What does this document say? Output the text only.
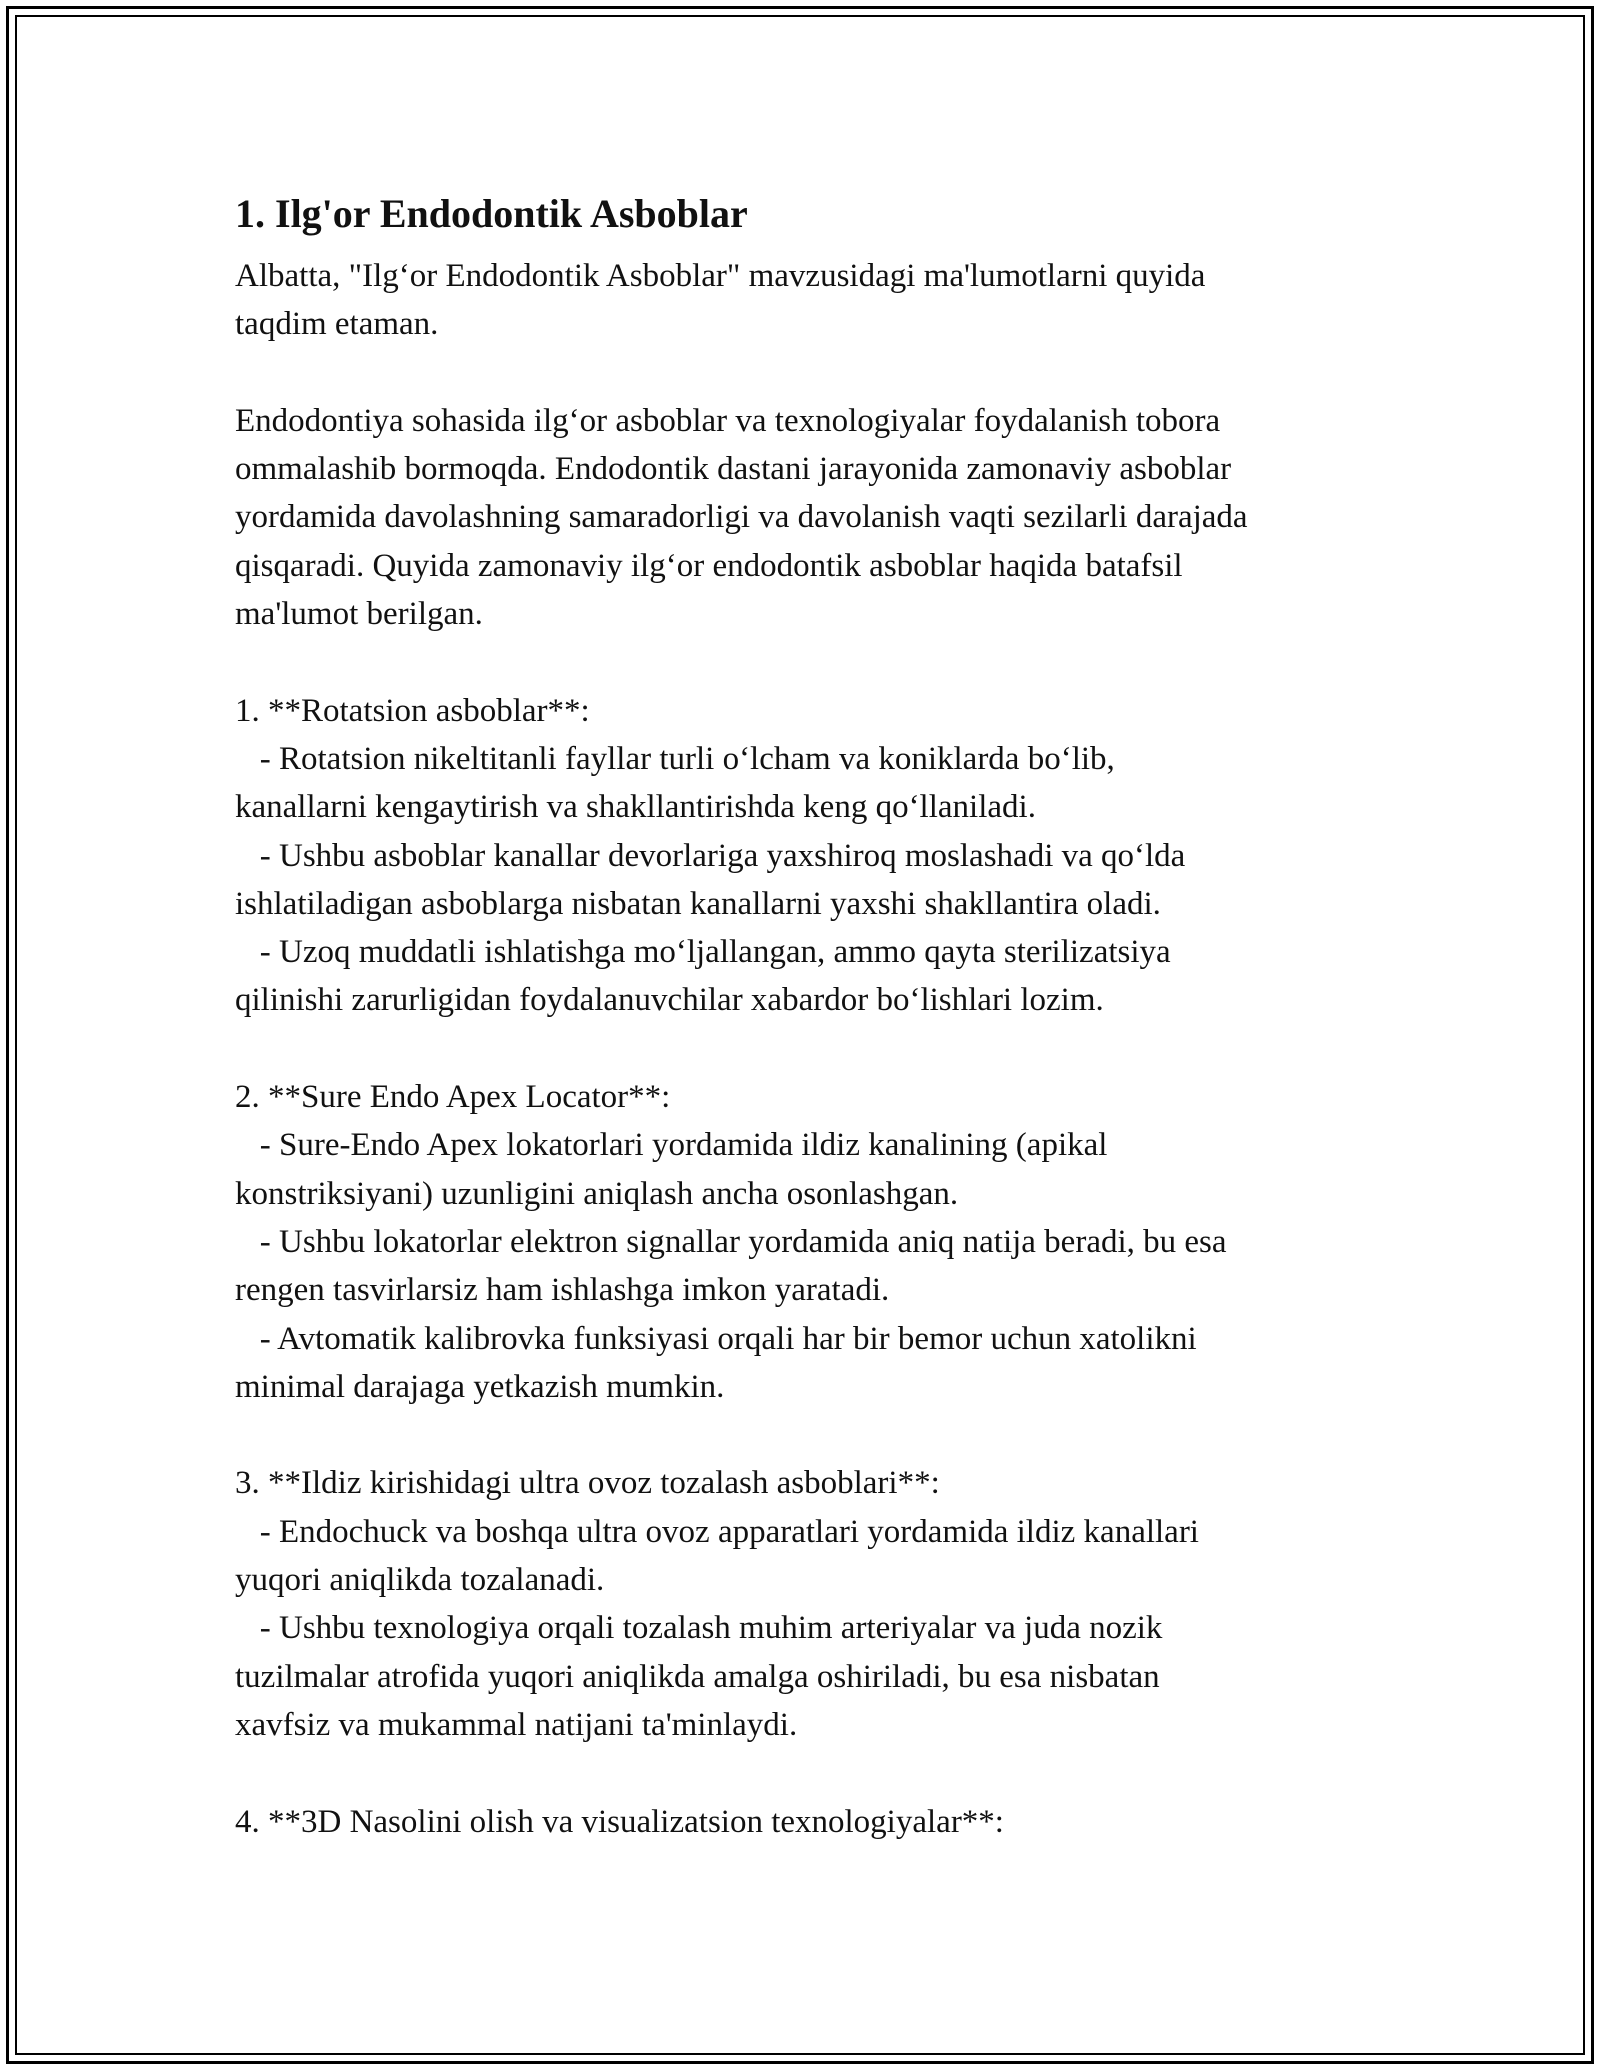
1. Ilg'or Endodontik Asboblar

Albatta, "Ilg‘or Endodontik Asboblar" mavzusidagi ma'lumotlarni quyida
taqdim etaman.

Endodontiya sohasida ilg‘or asboblar va texnologiyalar foydalanish tobora
ommalashib bormoqda. Endodontik dastani jarayonida zamonaviy asboblar
yordamida davolashning samaradorligi va davolanish vaqti sezilarli darajada
qisqaradi. Quyida zamonaviy ilg‘or endodontik asboblar haqida batafsil
ma'lumot berilgan.

1. **Rotatsion asboblar**:
- Rotatsion nikeltitanli fayllar turli o‘lcham va koniklarda bo‘lib,
kanallarni kengaytirish va shakllantirishda keng qo‘llaniladi.
- Ushbu asboblar kanallar devorlariga yaxshiroq moslashadi va qo‘lda
ishlatiladigan asboblarga nisbatan kanallarni yaxshi shakllantira oladi.
- Uzoq muddatli ishlatishga mo‘ljallangan, ammo qayta sterilizatsiya
qilinishi zarurligidan foydalanuvchilar xabardor bo‘lishlari lozim.

2. **Sure Endo Apex Locator**:
- Sure-Endo Apex lokatorlari yordamida ildiz kanalining (apikal
konstriksiyani) uzunligini aniqlash ancha osonlashgan.
- Ushbu lokatorlar elektron signallar yordamida aniq natija beradi, bu esa
rengen tasvirlarsiz ham ishlashga imkon yaratadi.
- Avtomatik kalibrovka funksiyasi orqali har bir bemor uchun xatolikni
minimal darajaga yetkazish mumkin.

3. **Ildiz kirishidagi ultra ovoz tozalash asboblari**:
- Endochuck va boshqa ultra ovoz apparatlari yordamida ildiz kanallari
yuqori aniqlikda tozalanadi.
- Ushbu texnologiya orqali tozalash muhim arteriyalar va juda nozik
tuzilmalar atrofida yuqori aniqlikda amalga oshiriladi, bu esa nisbatan
xavfsiz va mukammal natijani ta'minlaydi.

4. **3D Nasolini olish va visualizatsion texnologiyalar**:
